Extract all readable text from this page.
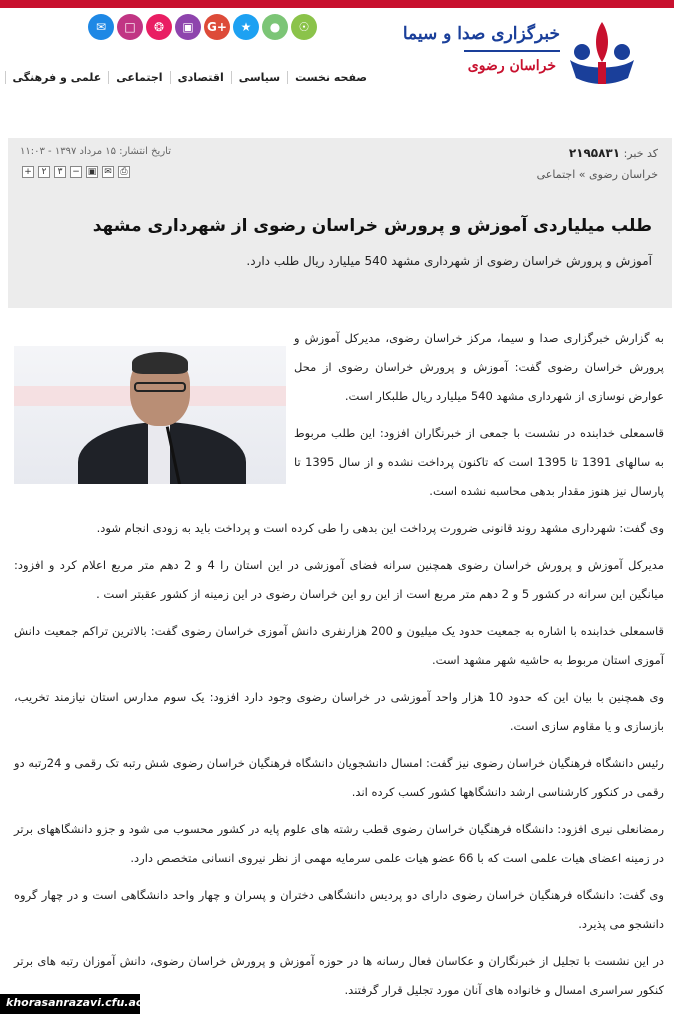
☉
●
★
G+
▣
❂
□
✉	خبرگزاری صدا و سیما
خراسان رضوی
صفحه نخست
سیاسی
اقتصادی
اجتماعی
علمی و فرهنگی
کد خبر: ۲۱۹۵۸۳۱
تاریخ انتشار: ۱۵ مرداد ۱۳۹۷ - ۱۱:۰۳
خراسان رضوی » اجتماعی
+	۲	۳	− ▣ ✉ ⎙
طلب میلیاردی آموزش و پرورش خراسان رضوی از شهرداری مشهد
آموزش و پرورش خراسان رضوی از شهرداری مشهد 540 میلیارد ریال طلب دارد.

به گزارش خبرگزاری صدا و سیما، مرکز خراسان رضوی، مدیرکل آموزش و پرورش خراسان رضوی گفت: آموزش و پرورش خراسان رضوی از محل عوارض نوسازی از شهرداری مشهد 540 میلیارد ریال طلبکار است.

قاسمعلی خدابنده در نشست با جمعی از خبرنگاران افزود: این طلب مربوط به سالهای 1391 تا 1395 است که تاکنون پرداخت نشده و از سال 1395 تا پارسال نیز هنوز مقدار بدهی محاسبه نشده است.

وی گفت: شهرداری مشهد روند قانونی ضرورت پرداخت این بدهی را طی کرده است و پرداخت باید به زودی انجام شود.

مدیرکل آموزش و پرورش خراسان رضوی همچنین سرانه فضای آموزشی در این استان را 4 و 2 دهم متر مربع اعلام کرد و افزود: میانگین این سرانه در کشور 5 و 2 دهم متر مربع است از این رو این خراسان رضوی در این زمینه از کشور عقبتر است .

قاسمعلی خدابنده با اشاره به جمعیت حدود یک میلیون و 200 هزارنفری دانش آموزی خراسان رضوی گفت: بالاترین تراکم جمعیت دانش آموزی استان مربوط به حاشیه شهر مشهد است.

وی همچنین با بیان این که حدود 10 هزار واحد آموزشی در خراسان رضوی وجود دارد افزود: یک سوم مدارس استان نیازمند تخریب، بازسازی و یا مقاوم سازی است.

رئیس دانشگاه فرهنگیان خراسان رضوی نیز گفت: امسال دانشجویان دانشگاه فرهنگیان خراسان رضوی شش رتبه تک رقمی و 24رتبه دو رقمی در کنکور کارشناسی ارشد دانشگاهها کشور کسب کرده اند.

رمضانعلی نیری افزود: دانشگاه فرهنگیان خراسان رضوی قطب رشته های علوم پایه در کشور محسوب می شود و جزو دانشگاههای برتر در زمینه اعضای هیات علمی است که با 66 عضو هیات علمی سرمایه مهمی از نظر نیروی انسانی متخصص دارد.

وی گفت: دانشگاه فرهنگیان خراسان رضوی دارای دو پردیس دانشگاهی دختران و پسران و چهار واحد دانشگاهی است و در چهار گروه دانشجو می پذیرد.

در این نشست با تجلیل از خبرنگاران و عکاسان فعال رسانه ها در حوزه آموزش و پرورش خراسان رضوی، دانش آموزان رتبه های برتر کنکور سراسری امسال و خانواده های آنان مورد تجلیل قرار گرفتند.

khorasanrazavi.cfu.ac.ir
